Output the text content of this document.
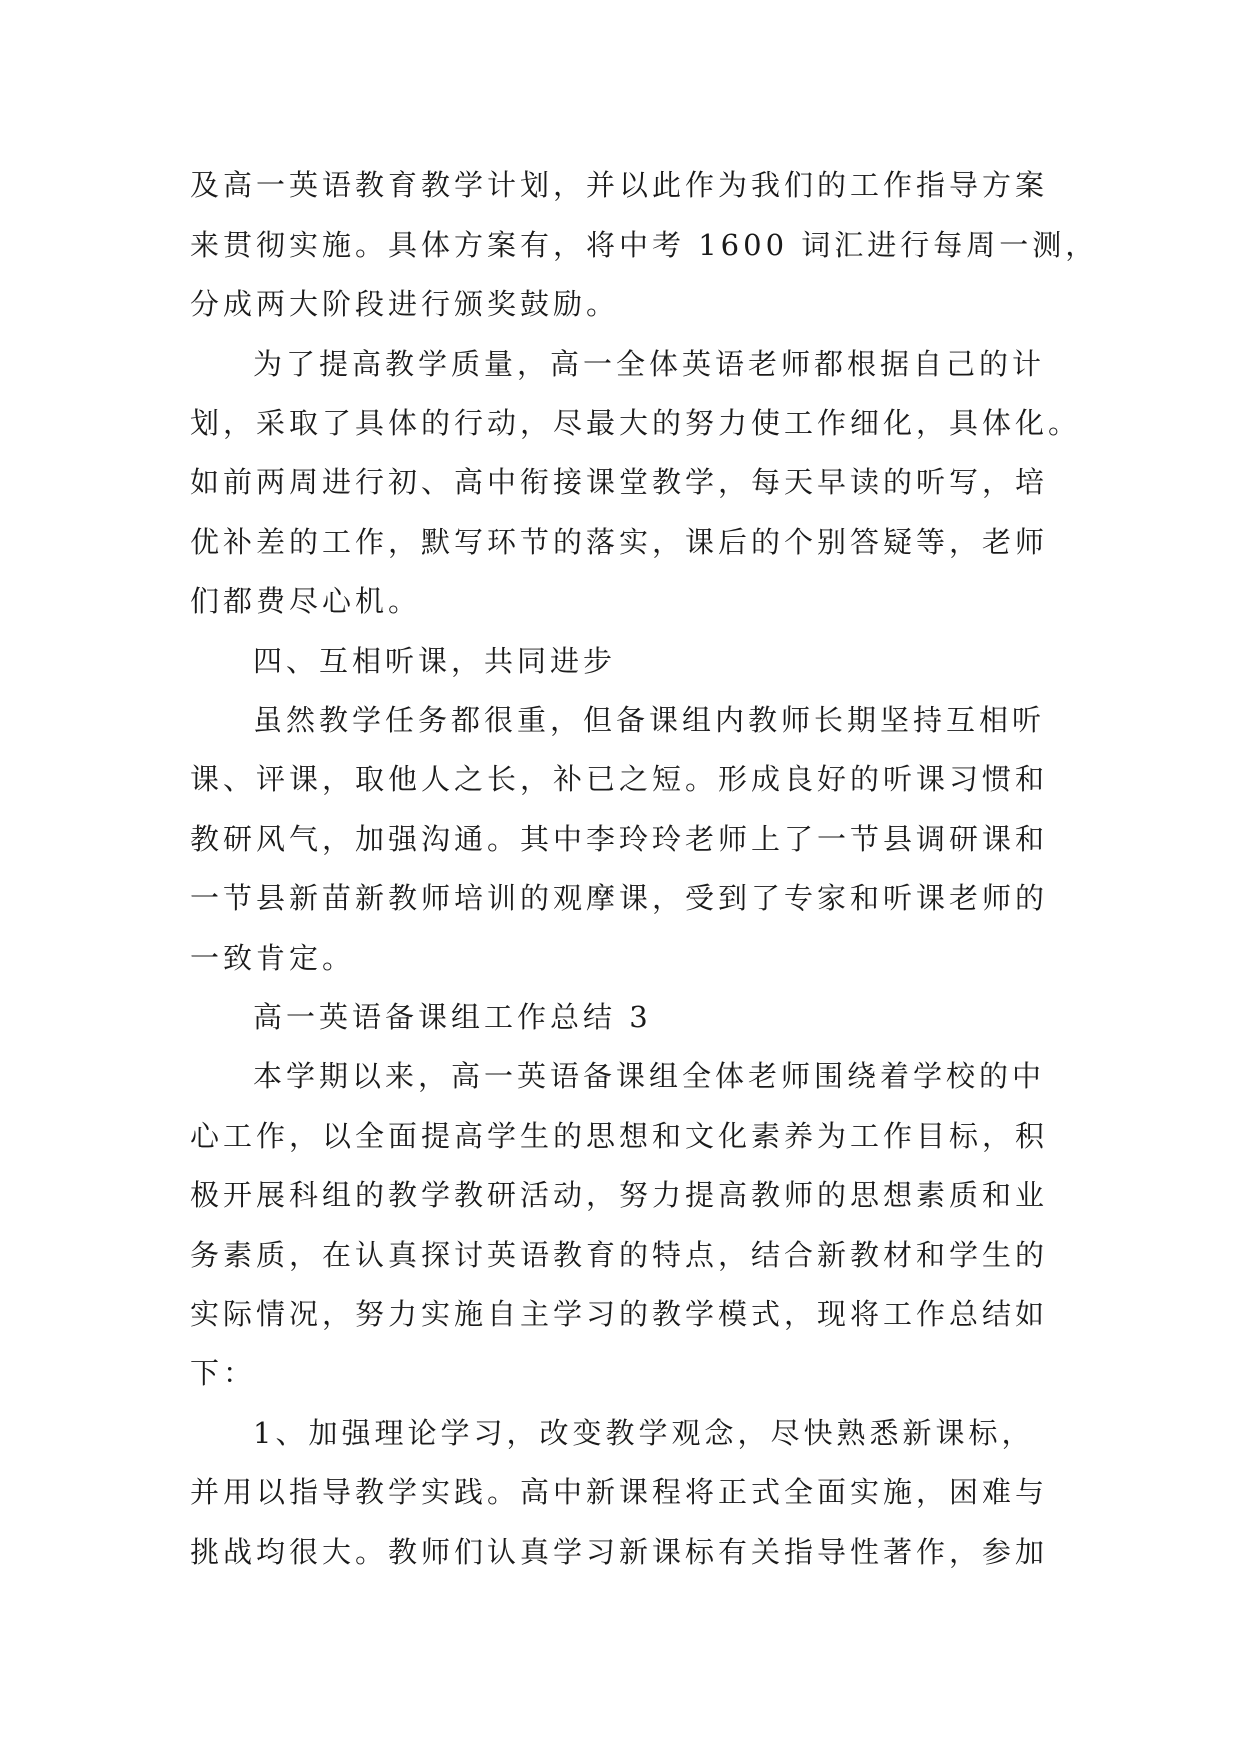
及高一英语教育教学计划，并以此作为我们的工作指导方案
来贯彻实施。具体方案有，将中考 1600 词汇进行每周一测，
分成两大阶段进行颁奖鼓励。
为了提高教学质量，高一全体英语老师都根据自己的计
划，采取了具体的行动，尽最大的努力使工作细化，具体化。
如前两周进行初、高中衔接课堂教学，每天早读的听写，培
优补差的工作，默写环节的落实，课后的个别答疑等，老师
们都费尽心机。
四、互相听课，共同进步
虽然教学任务都很重，但备课组内教师长期坚持互相听
课、评课，取他人之长，补已之短。形成良好的听课习惯和
教研风气，加强沟通。其中李玲玲老师上了一节县调研课和
一节县新苗新教师培训的观摩课，受到了专家和听课老师的
一致肯定。
高一英语备课组工作总结 3
本学期以来，高一英语备课组全体老师围绕着学校的中
心工作，以全面提高学生的思想和文化素养为工作目标，积
极开展科组的教学教研活动，努力提高教师的思想素质和业
务素质，在认真探讨英语教育的特点，结合新教材和学生的
实际情况，努力实施自主学习的教学模式，现将工作总结如
下：
1、加强理论学习，改变教学观念，尽快熟悉新课标，
并用以指导教学实践。高中新课程将正式全面实施，困难与
挑战均很大。教师们认真学习新课标有关指导性著作，参加
